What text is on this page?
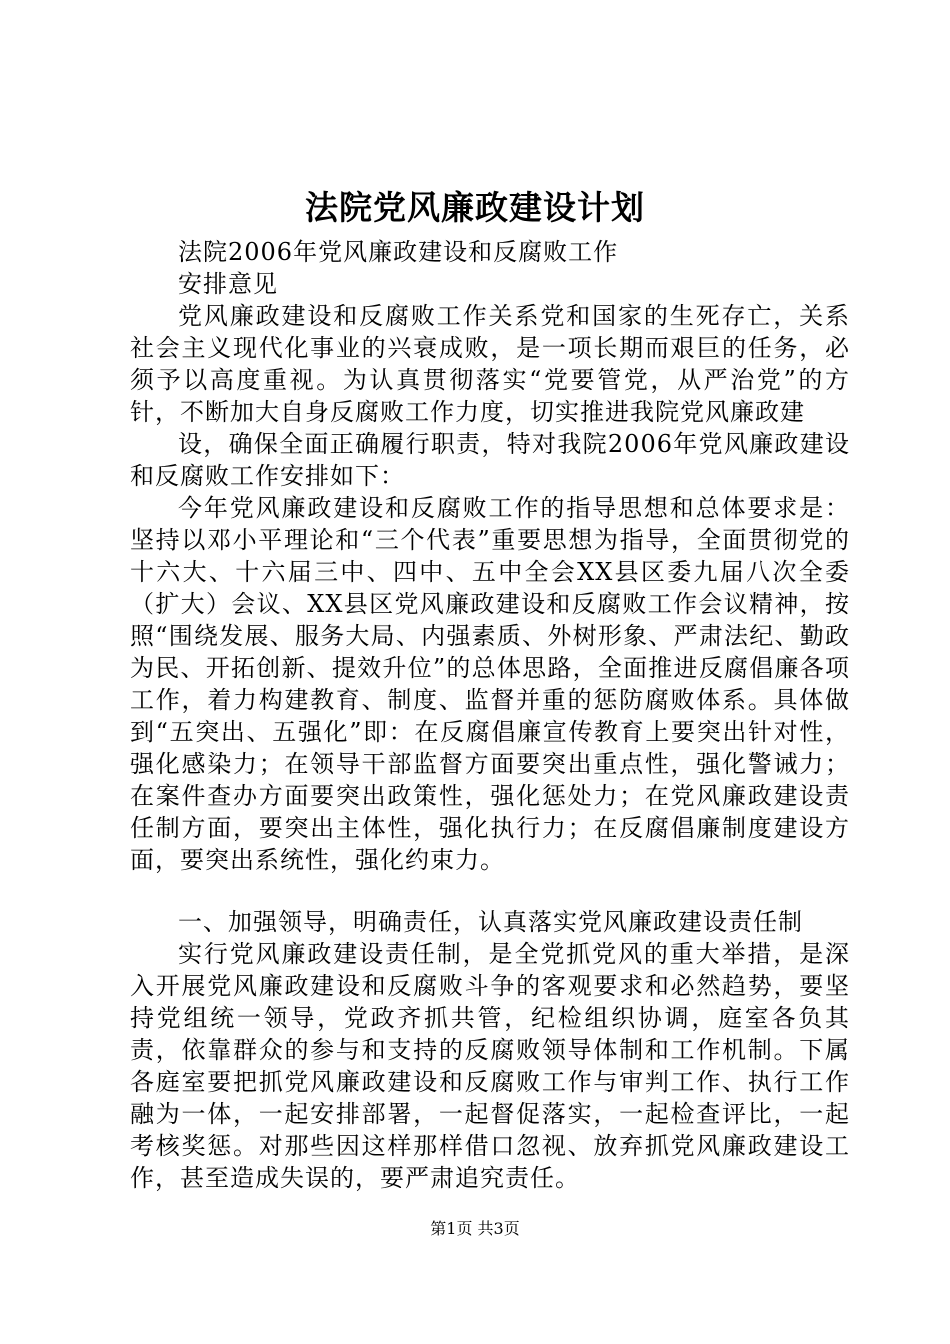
法院党风廉政建设计划

法院2006年党风廉政建设和反腐败工作

安排意见

党风廉政建设和反腐败工作关系党和国家的生死存亡，关系社会主义现代化事业的兴衰成败，是一项长期而艰巨的任务，必须予以高度重视。为认真贯彻落实“党要管党，从严治党”的方针，不断加大自身反腐败工作力度，切实推进我院党风廉政建

设，确保全面正确履行职责，特对我院2006年党风廉政建设和反腐败工作安排如下：

今年党风廉政建设和反腐败工作的指导思想和总体要求是：坚持以邓小平理论和“三个代表”重要思想为指导，全面贯彻党的十六大、十六届三中、四中、五中全会XX县区委九届八次全委（扩大）会议、XX县区党风廉政建设和反腐败工作会议精神，按照“围绕发展、服务大局、内强素质、外树形象、严肃法纪、勤政为民、开拓创新、提效升位”的总体思路，全面推进反腐倡廉各项工作，着力构建教育、制度、监督并重的惩防腐败体系。具体做到“五突出、五强化”即：在反腐倡廉宣传教育上要突出针对性，强化感染力；在领导干部监督方面要突出重点性，强化警诫力；在案件查办方面要突出政策性，强化惩处力；在党风廉政建设责任制方面，要突出主体性，强化执行力；在反腐倡廉制度建设方面，要突出系统性，强化约束力。

一、加强领导，明确责任，认真落实党风廉政建设责任制

实行党风廉政建设责任制，是全党抓党风的重大举措，是深入开展党风廉政建设和反腐败斗争的客观要求和必然趋势，要坚持党组统一领导，党政齐抓共管，纪检组织协调，庭室各负其责，依靠群众的参与和支持的反腐败领导体制和工作机制。下属各庭室要把抓党风廉政建设和反腐败工作与审判工作、执行工作融为一体，一起安排部署，一起督促落实，一起检查评比，一起考核奖惩。对那些因这样那样借口忽视、放弃抓党风廉政建设工作，甚至造成失误的，要严肃追究责任。

第1页 共3页
